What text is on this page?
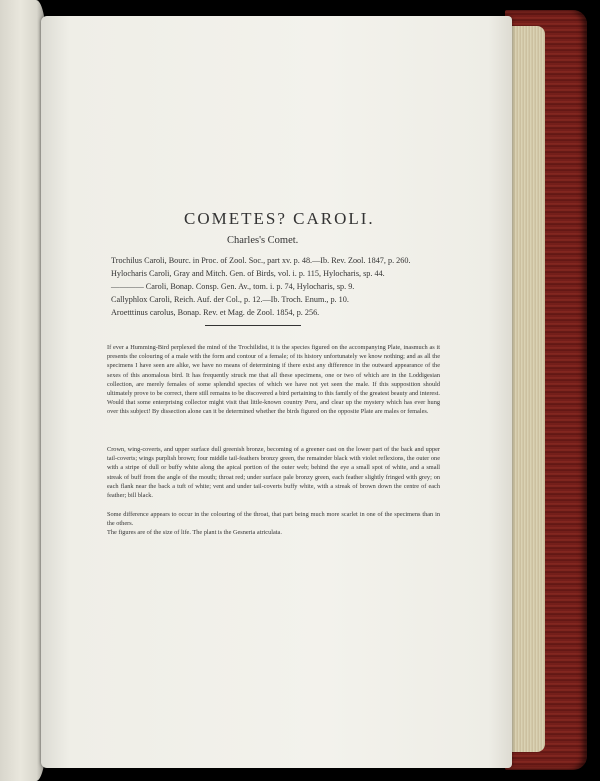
COMETES? CAROLI.
Charles's Comet.
Trochilus Caroli, Bourc. in Proc. of Zool. Soc., part xv. p. 48.—Ib. Rev. Zool. 1847, p. 260.
Hylocharis Caroli, Gray and Mitch. Gen. of Birds, vol. i. p. 115, Hylocharis, sp. 44.
———— Caroli, Bonap. Consp. Gen. Av., tom. i. p. 74, Hylocharis, sp. 9.
Callyphlox Caroli, Reich. Auf. der Col., p. 12.—Ib. Troch. Enum., p. 10.
Aroetttinus carolus, Bonap. Rev. et Mag. de Zool. 1854, p. 256.
If ever a Humming-Bird perplexed the mind of the Trochilidist, it is the species figured on the accompanying Plate, inasmuch as it presents the colouring of a male with the form and contour of a female; of its history unfortunately we know nothing; and as all the specimens I have seen are alike, we have no means of determining if there exist any difference in the outward appearance of the sexes of this anomalous bird. It has frequently struck me that all these specimens, one or two of which are in the Loddigesian collection, are merely females of some splendid species of which we have not yet seen the male. If this supposition should ultimately prove to be correct, there still remains to be discovered a bird pertaining to this family of the greatest beauty and interest. Would that some enterprising collector might visit that little-known country Peru, and clear up the mystery which has ever hung over this subject! By dissection alone can it be determined whether the birds figured on the opposite Plate are males or females.
Crown, wing-coverts, and upper surface dull greenish bronze, becoming of a greener cast on the lower part of the back and upper tail-coverts; wings purplish brown; four middle tail-feathers bronzy green, the remainder black with violet reflexions, the outer one with a stripe of dull or buffy white along the apical portion of the outer web; behind the eye a small spot of white, and a small streak of buff from the angle of the mouth; throat red; under surface pale bronzy green, each feather slightly fringed with grey; on each flank near the back a tuft of white; vent and under tail-coverts buffy white, with a streak of brown down the centre of each feather; bill black.
Some difference appears to occur in the colouring of the throat, that part being much more scarlet in one of the specimens than in the others.
The figures are of the size of life. The plant is the Gesneria atriculata.
